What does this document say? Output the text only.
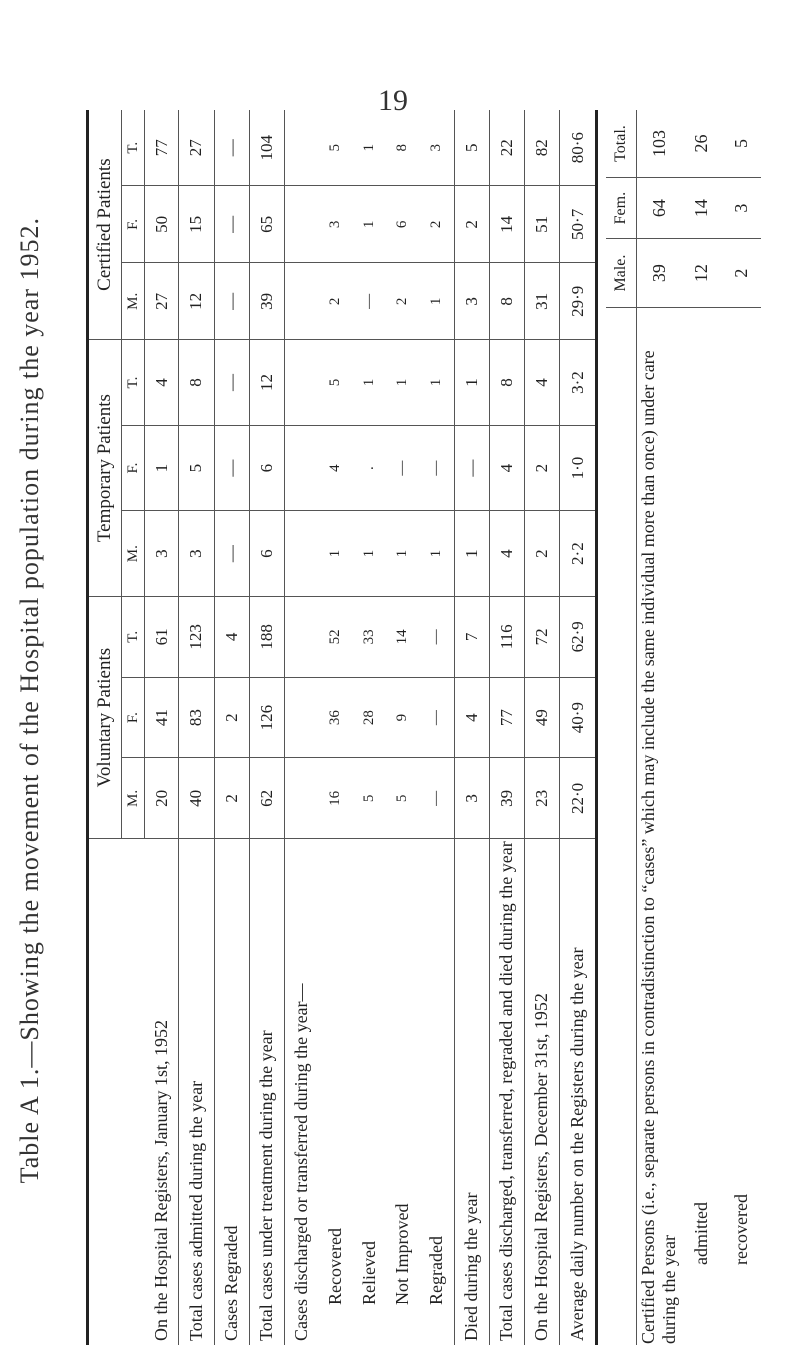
19
Table A 1.—Showing the movement of the Hospital population during the year 1952.
		Voluntary Patients			Temporary Patients			Certified Patients		
	M.	F.	T.	M.	F.	T.	M.	F.	T.
On the Hospital Registers, January 1st, 1952	20	41	61	3	1	4	27	50	77
Total cases admitted during the year	40	83	123	3	5	8	12	15	27
Cases Regraded	2	2	4	—	—	—	—	—	—
Total cases under treatment during the year	62	126	188	6	6	12	39	65	104
Cases discharged or transferred during the year—									
Recovered	16	36	52	1	4	5	2	3	5
Relieved	5	28	33	1	.	1	—	1	1
Not Improved	5	9	14	1	—	1	2	6	8
Regraded	—	—	—	1	—	1	1	2	3
Died during the year	3	4	7	1	—	1	3	2	5
Total cases discharged, transferred, regraded and died during the year	39	77	116	4	4	8	8	14	22
On the Hospital Registers, December 31st, 1952	23	49	72	2	2	4	31	51	82
Average daily number on the Registers during the year	22·0	40·9	62·9	2·2	1·0	3·2	29·9	50·7	80·6
	Male.	Fem.	Total.
Certified Persons (i.e., separate persons in contradistinction to “cases” which may include the same individual more than once) under care during the year	39	64	103
admitted	12	14	26
recovered	2	3	5
